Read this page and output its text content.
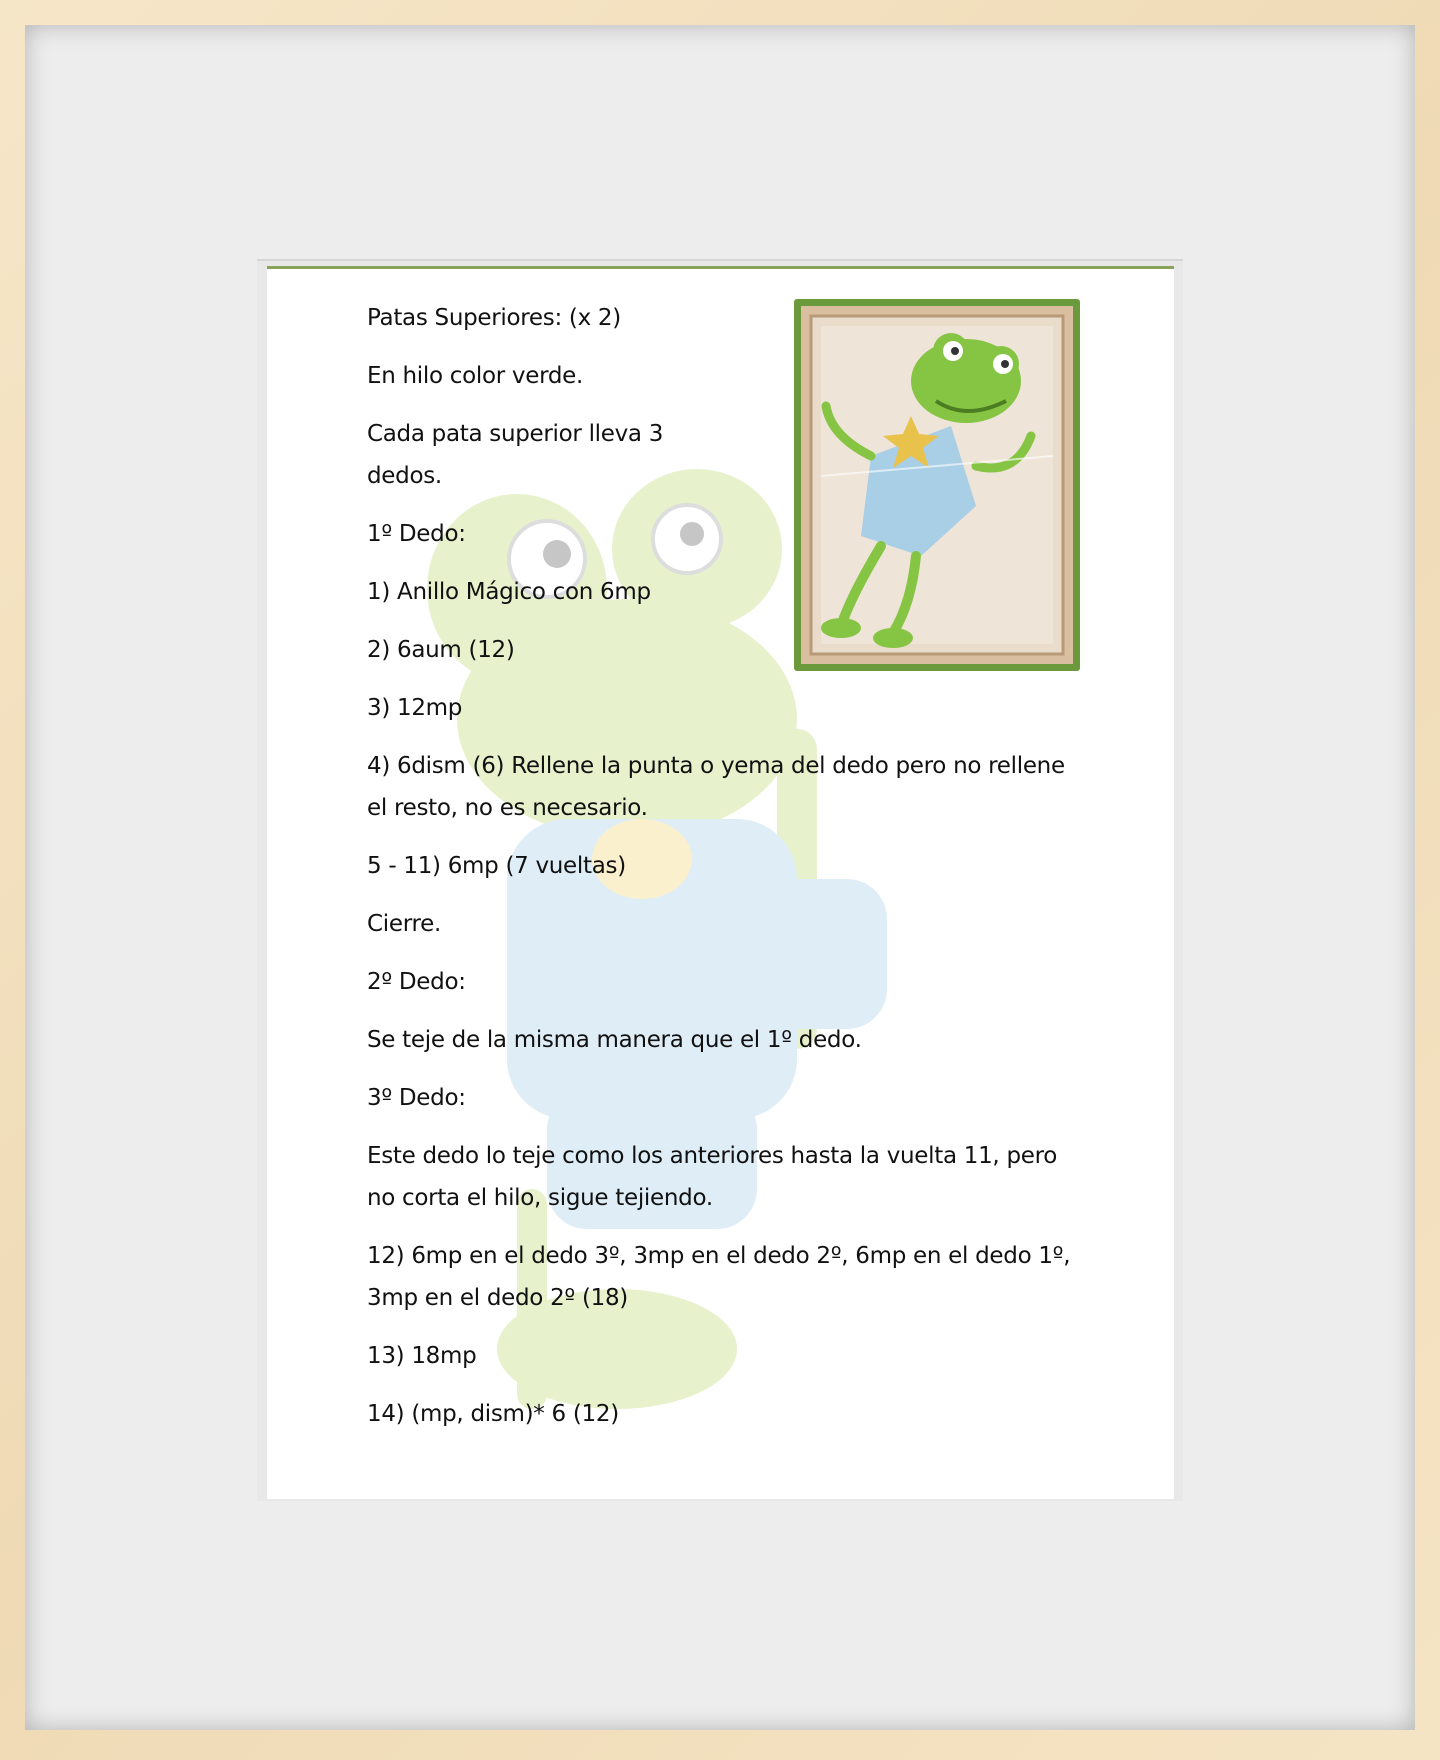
Patas Superiores: (x 2)

En hilo color verde.

Cada pata superior lleva 3 dedos.

1º Dedo:

1) Anillo Mágico con 6mp

2) 6aum (12)

3) 12mp

4) 6dism (6) Rellene la punta o yema del dedo pero no rellene el resto, no es necesario.

5 - 11) 6mp (7 vueltas)

Cierre.

2º Dedo:

Se teje de la misma manera que el 1º dedo.

3º Dedo:

Este dedo lo teje como los anteriores hasta la vuelta 11, pero no corta el hilo, sigue tejiendo.

12) 6mp en el dedo 3º, 3mp en el dedo 2º, 6mp en el dedo 1º, 3mp en el dedo 2º (18)

13) 18mp

14) (mp, dism)* 6 (12)
